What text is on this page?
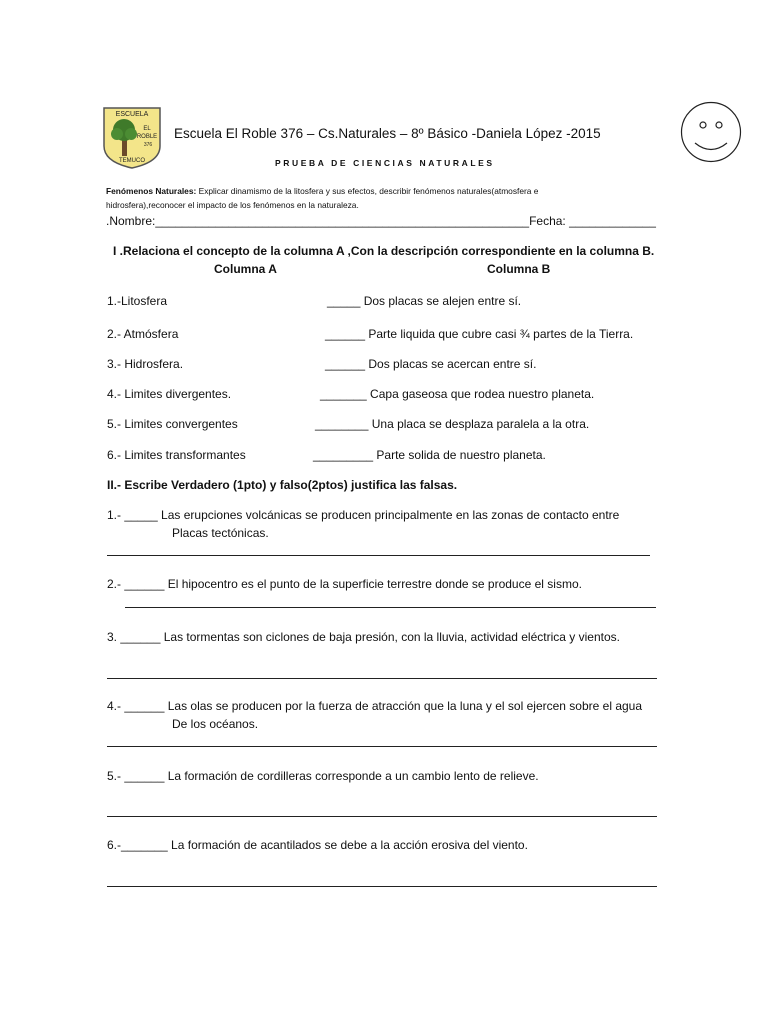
ESCUELA
EL
ROBLE
376
TEMUCO
Escuela El Roble 376 – Cs.Naturales – 8º Básico -Daniela López -2015
PRUEBA DE CIENCIAS NATURALES
Fenómenos Naturales: Explicar dinamismo de la litosfera y sus efectos, describir fenómenos naturales(atmosfera e
hidrosfera),reconocer el impacto de los fenómenos en la naturaleza.
.Nombre:________________________________________________________Fecha: _____________
I .Relaciona el concepto de la columna A ,Con la descripción correspondiente en la columna B.
Columna A	Columna B
1.-Litosfera	_____ Dos placas se alejen entre sí.
2.- Atmósfera	______ Parte liquida que cubre casi ¾ partes de la Tierra.
3.- Hidrosfera.	______ Dos placas se acercan entre sí.
4.- Limites divergentes.	_______ Capa gaseosa que rodea nuestro planeta.
5.- Limites convergentes	________ Una placa se desplaza paralela a la otra.
6.- Limites transformantes	_________ Parte solida de nuestro planeta.
II.- Escribe Verdadero (1pto) y falso(2ptos) justifica las falsas.
1.- _____ Las erupciones volcánicas se producen principalmente en las zonas de contacto entre
Placas tectónicas.
2.- ______ El hipocentro es el punto de la superficie terrestre donde se produce el sismo.
3. ______ Las tormentas son ciclones de baja presión, con la lluvia, actividad eléctrica y vientos.
4.- ______ Las olas se producen por la fuerza de atracción que la luna y el sol ejercen sobre el agua
De los océanos.
5.- ______ La formación de cordilleras corresponde a un cambio lento de relieve.
6.-_______ La formación de acantilados se debe a la acción erosiva del viento.
